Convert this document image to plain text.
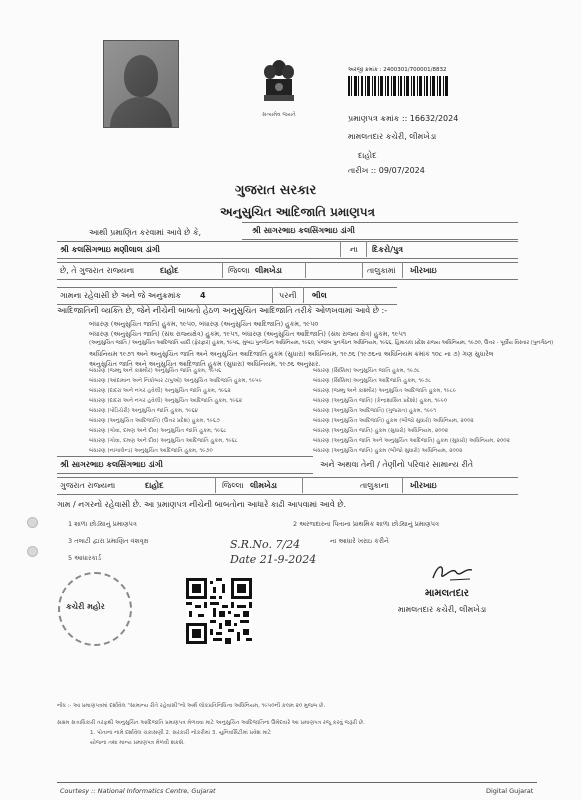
સત્યમેવ જયતે
અરજી ક્રમાંક : 2400301/700001/8832
પ્રમાણપત્ર ક્રમાંક :: 16632/2024
મામલતદાર કચેરી, લીમખેડા
દાહોદ
તારીખ :: 09/07/2024
ગુજરાત સરકાર
અનુસુચિત આદિજાતિ પ્રમાણપત્ર
આથી પ્રમાણિત કરવામાં આવે છે કે,	શ્રી સાગરભાઇ કલસિંગભાઇ ડાંગી
શ્રી કલસિંગભાઇ મણીલાલ ડાંગી	ના દિકરો/પુત્ર
છે, તે ગુજરાત રાજ્યના	દાહોદ	જિલ્લા લીમખેડા	તાલુકામાં ખીરખાઇ
ગામના રહેવાસી છે અને જે અનુક્રમાંક 4	પરની ભીલ
આદિજાતિની વ્યક્તિ છે, જેને નીચેની બાબતો હેઠળ અનુસુચિત આદિજાતિ તરીકે ઓળખવામાં આવે છે :-
બંધારણ (અનુસુચિત જાતિ) હુકમ, ૧૯૫૦, બંધારણ (અનુસુચિત આદિજાતિ) હુકમ, ૧૯૫૦
બંધારણ (અનુસુચિત જાતિ) (સંઘ રાજ્યક્ષેત્ર) હુકમ, ૧૯૫૧, બંધારણ (અનુસુચિત આદિજાતિ) (સંઘ રાજ્ય ક્ષેત્ર) હુકમ, ૧૯૫૧
(અનુસુચિત જાતિ / અનુસુચિત આદિજાતિ યાદી (ફેરફાર) હુકમ, ૧૯૫૬, મુંબઇ પુનર્ગઠન અધિનિયમ, ૧૯૬૦, પંજાબ પુનર્ગઠન અધિનિયમ, ૧૯૬૬, હિમાચલ પ્રદેશ રાજ્ય અધિનિયમ, ૧૯૭૦, ઉત્તર - પૂર્વીય વિસ્તાર (પુનર્ગઠન)
અધિનિયમ ૧૯૭૧ અને અનુસુચિત જાતિ અને અનુસુચિત આદિજાતિ હુકમ (સુધારા) અધિનિયમ, ૧૯૭૬ (૧૯૭૬ના અધિનિયમ ક્રમાંક ૧૦૮ ના ૭) ગણ સુધારેલ
અનુસુચિત જાતિ અને અનુસુચિત આદિજાતિ હુકમ (સુધારા) અધિનિયમ, ૧૯૭૬ અનુસાર.
બંધારણ (જમ્મુ અને કાશ્મીર) અનુસુચિત જાતિ હુકમ, ૧૯૫૬
બંધારણ (આંદામાન અને નિકોબાર ટાપુઓ) અનુસુચિત આદિજાતિ હુકમ, ૧૯૫૯
બંધારણ (દાદરા અને નગર હવેલી) અનુસુચિત જાતિ હુકમ, ૧૯૬૨
બંધારણ (દાદરા અને નગર હવેલી) અનુસુચિત આદિજાતિ હુકમ, ૧૯૬૨
બંધારણ (પોંડિચેરી) અનુસુચિત જાતિ હુકમ, ૧૯૬૪
બંધારણ (અનુસુચિત આદિજાતિ) (ઉત્તર પ્રદેશ) હુકમ, ૧૯૬૭
બંધારણ (ગોવા, દમણ અને દીવ) અનુસુચિત જાતિ હુકમ, ૧૯૬૮
બંધારણ (ગોવા, દમણ અને દીવ) અનુસુચિત આદિજાતિ હુકમ, ૧૯૬૮
બંધારણ (નાગાલેન્ડ) અનુસુચિત આદિજાતિ હુકમ, ૧૯૭૦
બંધારણ (સિક્કિમ) અનુસુચિત જાતિ હુકમ, ૧૯૭૮
બંધારણ (સિક્કિમ) અનુસુચિત આદિજાતિ હુકમ, ૧૯૭૮
બંધારણ (જમ્મુ અને કાશ્મીર) અનુસુચિત આદિજાતિ હુકમ, ૧૯૮૯
બંધારણ (અનુસુચિત જાતિ) (કેન્દ્રશાસિત પ્રદેશો) હુકમ, ૧૯૯૦
બંધારણ (અનુસુચિત આદિજાતિ) (ગુજરાત) હુકમ, ૧૯૯૧
બંધારણ (અનુસુચિત આદિજાતિ) હુકમ (બીજો સુધારો) અધિનિયમ, ૨૦૦૨
બંધારણ (અનુસુચિત જાતિ) હુકમ (સુધારો) અધિનિયમ, ૨૦૦૨
બંધારણ (અનુસુચિત જાતિ અને અનુસુચિત આદિજાતિ) હુકમ (સુધારો) અધિનિયમ, ૨૦૦૨
બંધારણ (અનુસુચિત જાતિ) હુકમ (બીજો સુધારો) અધિનિયમ, ૨૦૦૨
શ્રી સાગરભાઇ કલસિંગભાઇ ડાંગી	અને અથવા તેની / તેણીનો પરિવાર સામાન્ય રીતે
ગુજરાત રાજ્યના	દાહોદ	જિલ્લા લીમખેડા	તાલુકાના	ખીરખાઇ
ગામ / નગરનો રહેવાસી છે. આ પ્રમાણપત્ર નીચેની બાબતોના આધારે કાઢી આપવામાં આવે છે.
1 શાળા છોડ્યાનું પ્રમાણપત્ર	2 અરજદારના પિતાના પ્રાથમિક શાળા છોડ્યાનું પ્રમાણપત્ર
3 તલાટી દ્વારા પ્રમાણિત વંશવૃક્ષ	ના આધારે ખરાઇ કરીને
5 આધારકાર્ડ
S.R.No. 7/24
Date 21-9-2024
કચેરી મહોર
મામલતદાર
મામલતદાર કચેરી, લીમખેડા
નોંધ :- આ પ્રમાણપત્રમાં દર્શાવેલ "સામાન્ય રીતે રહેવાસી"નો અર્થ લોકપ્રતિનિધિત્વ અધિનિયમ, ૧૯૫૦ની કલમ ૨૦ મુજબ છે.
સક્ષમ સત્તાધિકારી તરફથી અનુસુચિત આદિજાતિ પ્રમાણપત્ર મેળવવા માટે અનુસુચિત આદિજાતિના ઉમેદવારે આ પ્રમાણપત્ર રજૂ કરવું જરૂરી છે.
1. પોતાના નામે દર્શાવેલ ચકાસણી 2. સરકારી નોકરીમાં 3. યુનિવર્સિટીમાં પ્રવેશ માટે
યોજના તથા માન્ય પ્રમાણપત્ર મેળવી શકશે.
Courtesy :: National Informatics Centre, Gujarat	Digital Gujarat
